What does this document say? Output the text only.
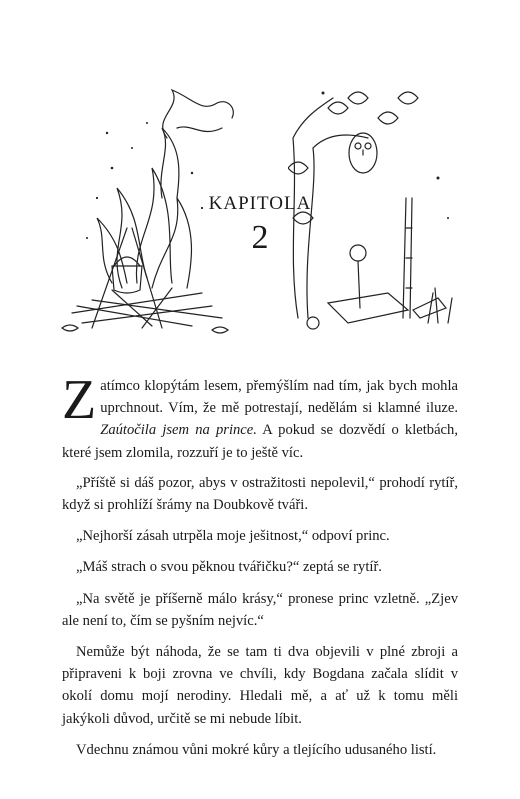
KAPITOLA
2

Zatímco klopýtám lesem, přemýšlím nad tím, jak bych mohla uprchnout. Vím, že mě potrestají, nedělám si klamné iluze. Zaútočila jsem na prince. A pokud se dozvědí o kletbách, které jsem zlomila, rozzuří je to ještě víc.

„Příště si dáš pozor, abys v ostražitosti nepolevil,“ prohodí rytíř, když si prohlíží šrámy na Doubkově tváři.

„Nejhorší zásah utrpěla moje ješitnost,“ odpoví princ.

„Máš strach o svou pěknou tvářičku?“ zeptá se rytíř.

„Na světě je příšerně málo krásy,“ pronese princ vzletně. „Zjev ale není to, čím se pyšním nejvíc.“

Nemůže být náhoda, že se tam ti dva objevili v plné zbroji a připraveni k boji zrovna ve chvíli, kdy Bogdana začala slídit v okolí domu mojí nerodiny. Hledali mě, a ať už k tomu měli jakýkoli důvod, určitě se mi nebude líbit.

Vdechnu známou vůni mokré kůry a tlejícího udusaného listí.
